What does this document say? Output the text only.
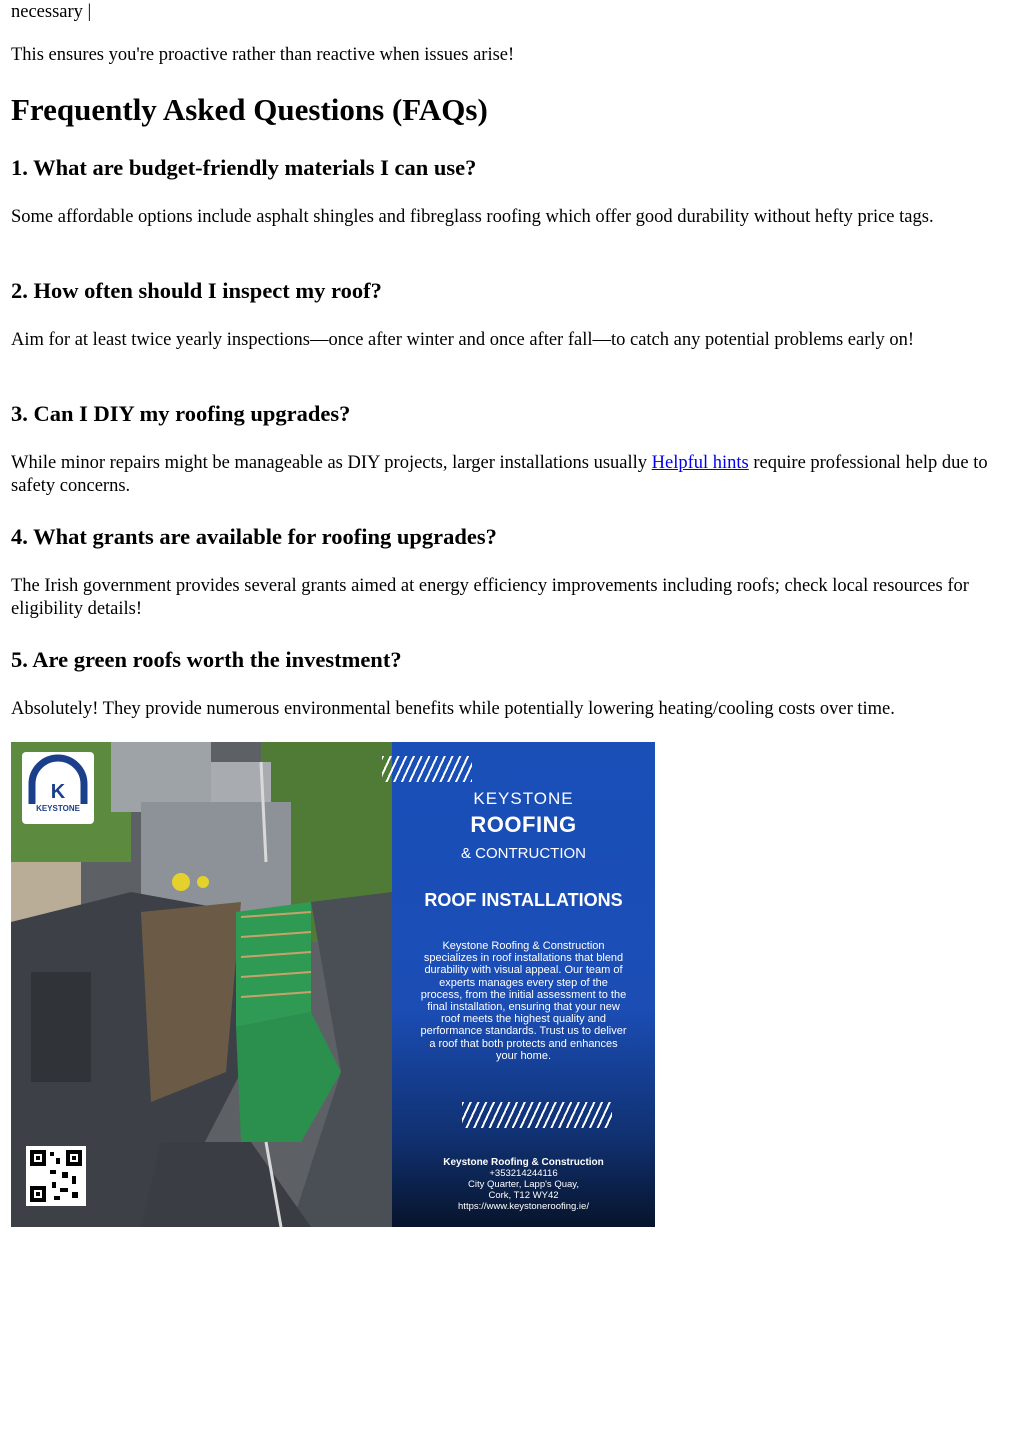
necessary |

This ensures you're proactive rather than reactive when issues arise!

Frequently Asked Questions (FAQs)
1. What are budget-friendly materials I can use?

Some affordable options include asphalt shingles and fibreglass roofing which offer good durability without hefty price tags.

2. How often should I inspect my roof?

Aim for at least twice yearly inspections—once after winter and once after fall—to catch any potential problems early on!

3. Can I DIY my roofing upgrades?

While minor repairs might be manageable as DIY projects, larger installations usually Helpful hints require professional help due to safety concerns.

4. What grants are available for roofing upgrades?

The Irish government provides several grants aimed at energy efficiency improvements including roofs; check local resources for eligibility details!

5. Are green roofs worth the investment?

Absolutely! They provide numerous environmental benefits while potentially lowering heating/cooling costs over time.

K
KEYSTONE
KEYSTONE
ROOFING
& CONTRUCTION
ROOF INSTALLATIONS
Keystone Roofing & Construction specializes in roof installations that blend durability with visual appeal. Our team of experts manages every step of the process, from the initial assessment to the final installation, ensuring that your new roof meets the highest quality and performance standards. Trust us to deliver a roof that both protects and enhances your home.
Keystone Roofing & Construction
+353214244116
City Quarter, Lapp's Quay,
Cork, T12 WY42
https://www.keystoneroofing.ie/
